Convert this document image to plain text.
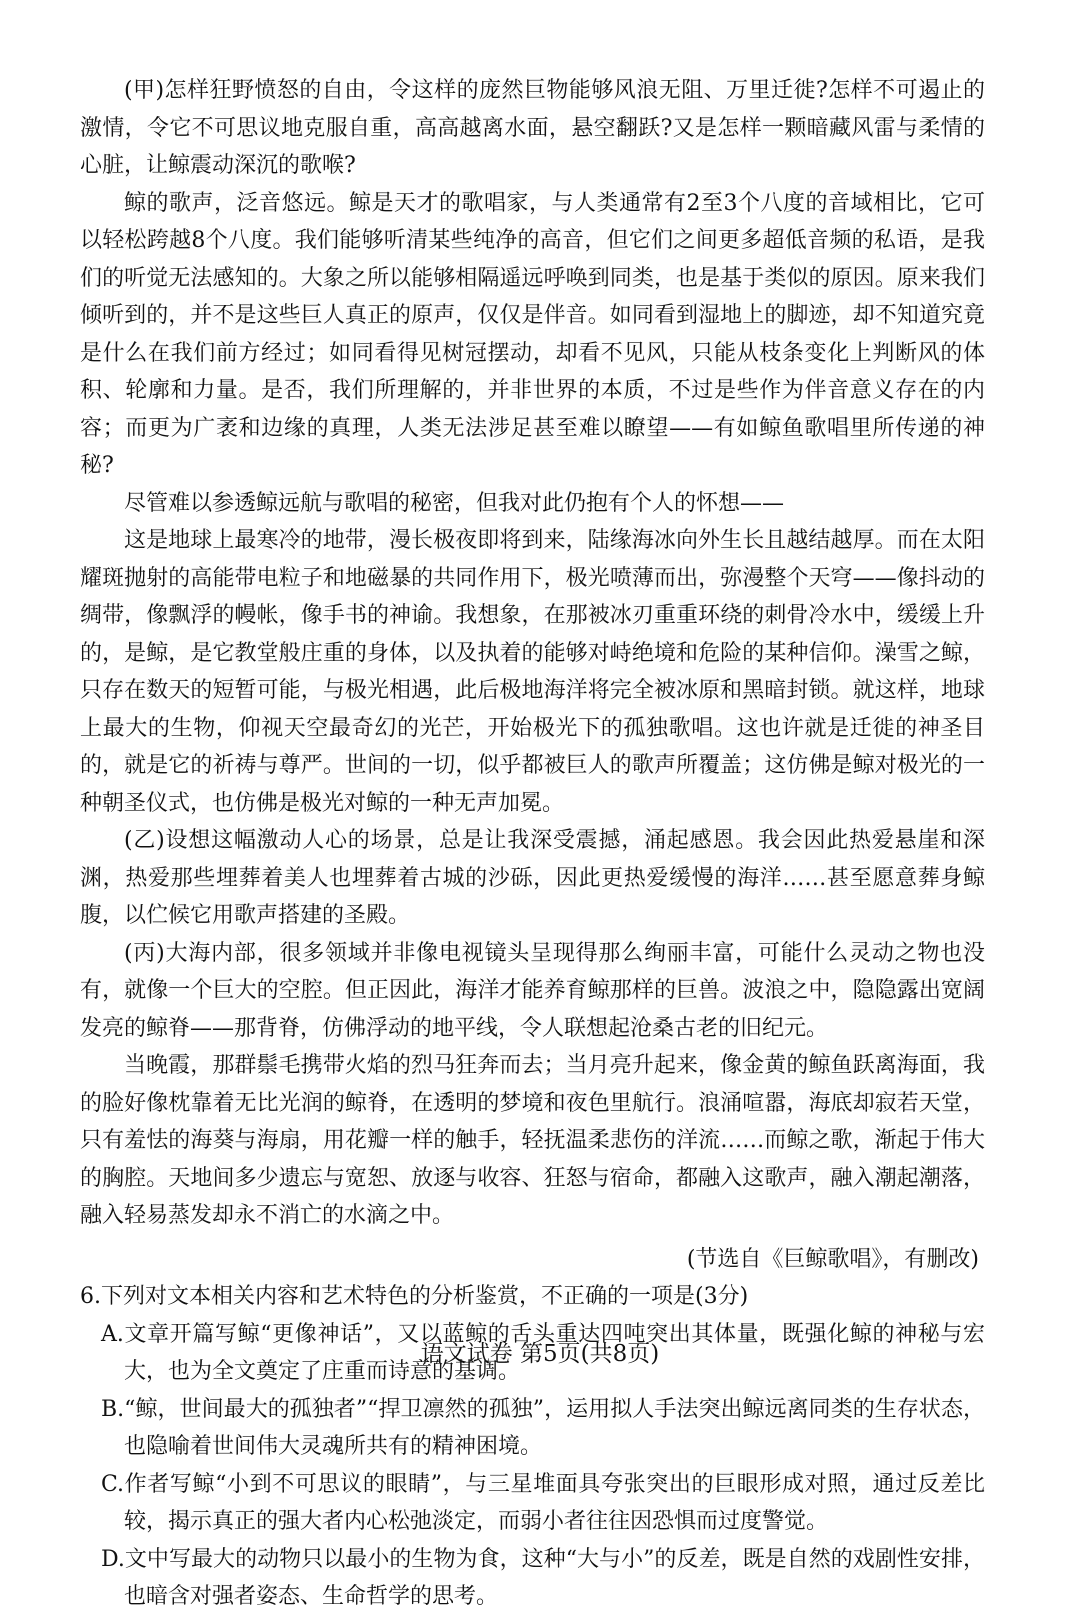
(甲)怎样狂野愤怒的自由，令这样的庞然巨物能够风浪无阻、万里迁徙?怎样不可遏止的激情，令它不可思议地克服自重，高高越离水面，悬空翻跃?又是怎样一颗暗藏风雷与柔情的心脏，让鲸震动深沉的歌喉?

鲸的歌声，泛音悠远。鲸是天才的歌唱家，与人类通常有2至3个八度的音域相比，它可以轻松跨越8个八度。我们能够听清某些纯净的高音，但它们之间更多超低音频的私语，是我们的听觉无法感知的。大象之所以能够相隔遥远呼唤到同类，也是基于类似的原因。原来我们倾听到的，并不是这些巨人真正的原声，仅仅是伴音。如同看到湿地上的脚迹，却不知道究竟是什么在我们前方经过；如同看得见树冠摆动，却看不见风，只能从枝条变化上判断风的体积、轮廓和力量。是否，我们所理解的，并非世界的本质，不过是些作为伴音意义存在的内容；而更为广袤和边缘的真理，人类无法涉足甚至难以瞭望——有如鲸鱼歌唱里所传递的神秘?

尽管难以参透鲸远航与歌唱的秘密，但我对此仍抱有个人的怀想——

这是地球上最寒冷的地带，漫长极夜即将到来，陆缘海冰向外生长且越结越厚。而在太阳耀斑抛射的高能带电粒子和地磁暴的共同作用下，极光喷薄而出，弥漫整个天穹——像抖动的绸带，像飘浮的幔帐，像手书的神谕。我想象，在那被冰刃重重环绕的刺骨冷水中，缓缓上升的，是鲸，是它教堂般庄重的身体，以及执着的能够对峙绝境和危险的某种信仰。澡雪之鲸，只存在数天的短暂可能，与极光相遇，此后极地海洋将完全被冰原和黑暗封锁。就这样，地球上最大的生物，仰视天空最奇幻的光芒，开始极光下的孤独歌唱。这也许就是迁徙的神圣目的，就是它的祈祷与尊严。世间的一切，似乎都被巨人的歌声所覆盖；这仿佛是鲸对极光的一种朝圣仪式，也仿佛是极光对鲸的一种无声加冕。

(乙)设想这幅激动人心的场景，总是让我深受震撼，涌起感恩。我会因此热爱悬崖和深渊，热爱那些埋葬着美人也埋葬着古城的沙砾，因此更热爱缓慢的海洋……甚至愿意葬身鲸腹，以伫候它用歌声搭建的圣殿。

(丙)大海内部，很多领域并非像电视镜头呈现得那么绚丽丰富，可能什么灵动之物也没有，就像一个巨大的空腔。但正因此，海洋才能养育鲸那样的巨兽。波浪之中，隐隐露出宽阔发亮的鲸脊——那背脊，仿佛浮动的地平线，令人联想起沧桑古老的旧纪元。

当晚霞，那群鬃毛携带火焰的烈马狂奔而去；当月亮升起来，像金黄的鲸鱼跃离海面，我的脸好像枕靠着无比光润的鲸脊，在透明的梦境和夜色里航行。浪涌喧嚣，海底却寂若天堂，只有羞怯的海葵与海扇，用花瓣一样的触手，轻抚温柔悲伤的洋流……而鲸之歌，渐起于伟大的胸腔。天地间多少遗忘与宽恕、放逐与收容、狂怒与宿命，都融入这歌声，融入潮起潮落，融入轻易蒸发却永不消亡的水滴之中。

(节选自《巨鲸歌唱》，有删改)

6.下列对文本相关内容和艺术特色的分析鉴赏，不正确的一项是(3分)

A.文章开篇写鲸“更像神话”，又以蓝鲸的舌头重达四吨突出其体量，既强化鲸的神秘与宏大，也为全文奠定了庄重而诗意的基调。

B.“鲸，世间最大的孤独者”“捍卫凛然的孤独”，运用拟人手法突出鲸远离同类的生存状态，也隐喻着世间伟大灵魂所共有的精神困境。

C.作者写鲸“小到不可思议的眼睛”，与三星堆面具夸张突出的巨眼形成对照，通过反差比较，揭示真正的强大者内心松弛淡定，而弱小者往往因恐惧而过度警觉。

D.文中写最大的动物只以最小的生物为食，这种“大与小”的反差，既是自然的戏剧性安排，也暗含对强者姿态、生命哲学的思考。

语文试卷 第5页(共8页)
